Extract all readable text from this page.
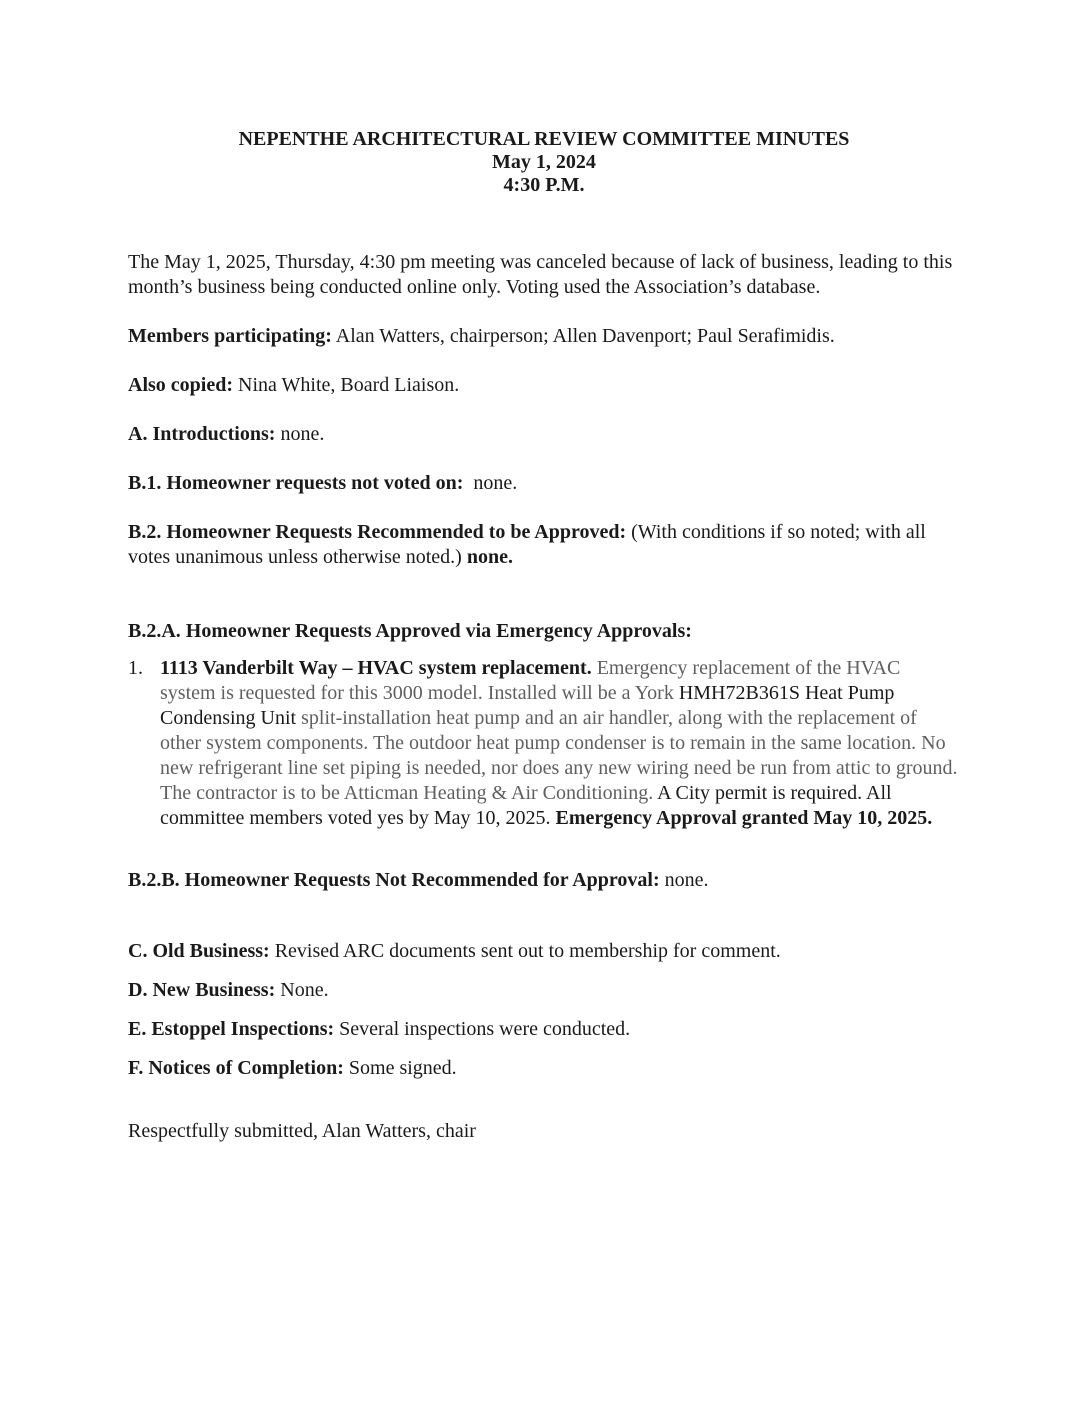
NEPENTHE ARCHITECTURAL REVIEW COMMITTEE MINUTES
May 1, 2024
4:30 P.M.

The May 1, 2025, Thursday, 4:30 pm meeting was canceled because of lack of business, leading to this month’s business being conducted online only. Voting used the Association’s database.

Members participating: Alan Watters, chairperson; Allen Davenport; Paul Serafimidis.

Also copied: Nina White, Board Liaison.

A. Introductions: none.

B.1. Homeowner requests not voted on:  none.

B.2. Homeowner Requests Recommended to be Approved: (With conditions if so noted; with all votes unanimous unless otherwise noted.) none.

B.2.A. Homeowner Requests Approved via Emergency Approvals:

1. 1113 Vanderbilt Way – HVAC system replacement. Emergency replacement of the HVAC system is requested for this 3000 model. Installed will be a York HMH72B361S Heat Pump Condensing Unit split-installation heat pump and an air handler, along with the replacement of other system components. The outdoor heat pump condenser is to remain in the same location. No new refrigerant line set piping is needed, nor does any new wiring need be run from attic to ground. The contractor is to be Atticman Heating & Air Conditioning. A City permit is required. All committee members voted yes by May 10, 2025. Emergency Approval granted May 10, 2025.

B.2.B. Homeowner Requests Not Recommended for Approval: none.

C. Old Business: Revised ARC documents sent out to membership for comment.

D. New Business: None.

E. Estoppel Inspections: Several inspections were conducted.

F. Notices of Completion: Some signed.

Respectfully submitted, Alan Watters, chair
